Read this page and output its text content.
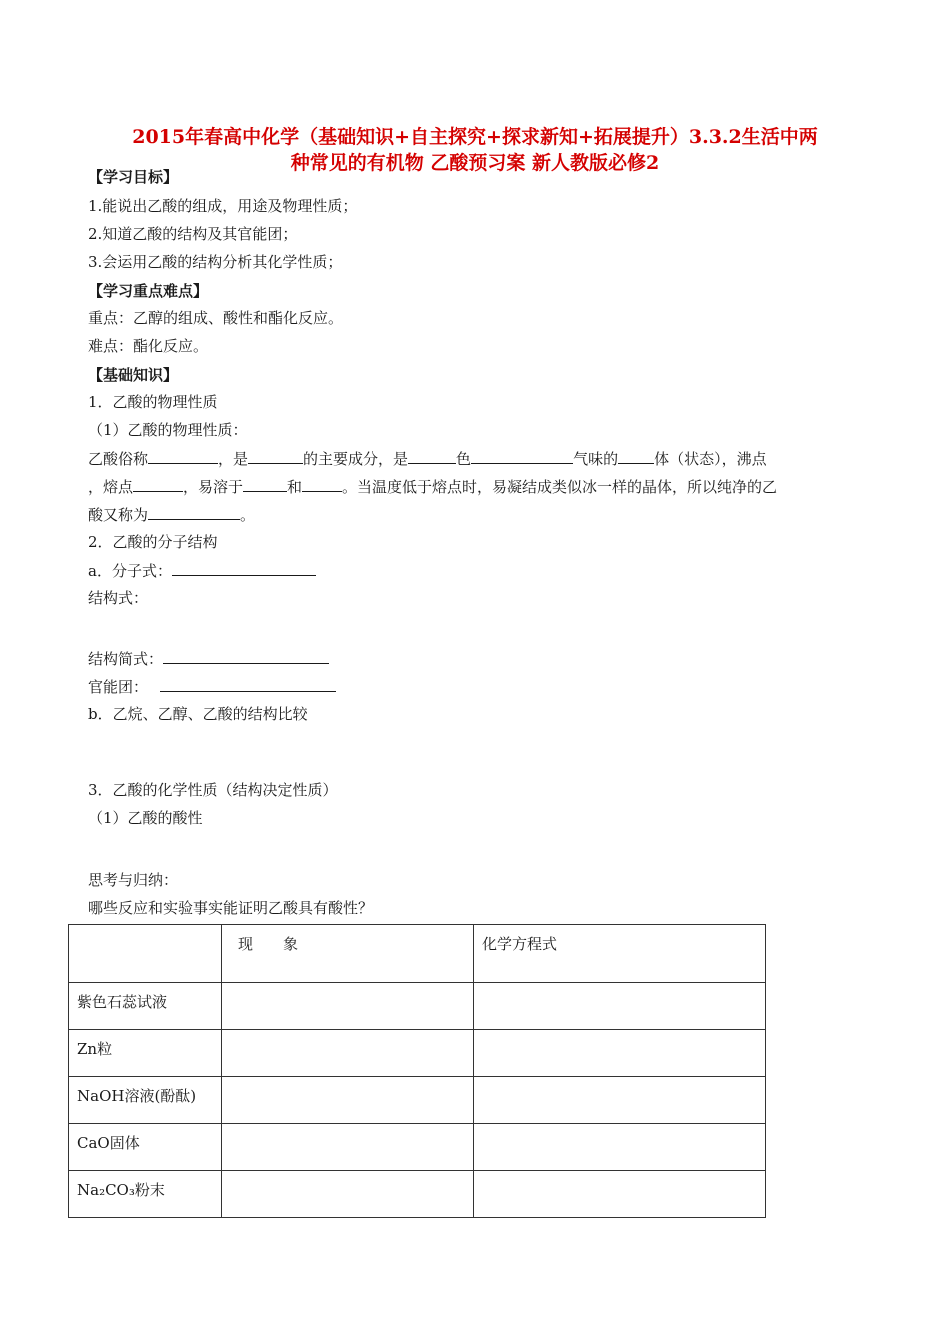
2015年春高中化学（基础知识+自主探究+探求新知+拓展提升）3.3.2生活中两
种常见的有机物 乙酸预习案 新人教版必修2
【学习目标】
1.能说出乙酸的组成，用途及物理性质；
2.知道乙酸的结构及其官能团；
3.会运用乙酸的结构分析其化学性质；
【学习重点难点】
重点：乙醇的组成、酸性和酯化反应。
难点：酯化反应。
【基础知识】
1．乙酸的物理性质
（1）乙酸的物理性质：
乙酸俗称	，是	的主要成分，是	色	气味的 体（状态），沸点
，熔点	，易溶于	和	。当温度低于熔点时，易凝结成类似冰一样的晶体，所以纯净的乙
酸又称为	。
2．乙酸的分子结构
a．分子式：
结构式：
结构简式：
官能团：
b．乙烷、乙醇、乙酸的结构比较
3．乙酸的化学性质（结构决定性质）
（1）乙酸的酸性
思考与归纳：
哪些反应和实验事实能证明乙酸具有酸性？
	现　　象	化学方程式
紫色石蕊试液		
Zn粒		
NaOH溶液(酚酞)		
CaO固体		
Na₂CO₃粉末		
